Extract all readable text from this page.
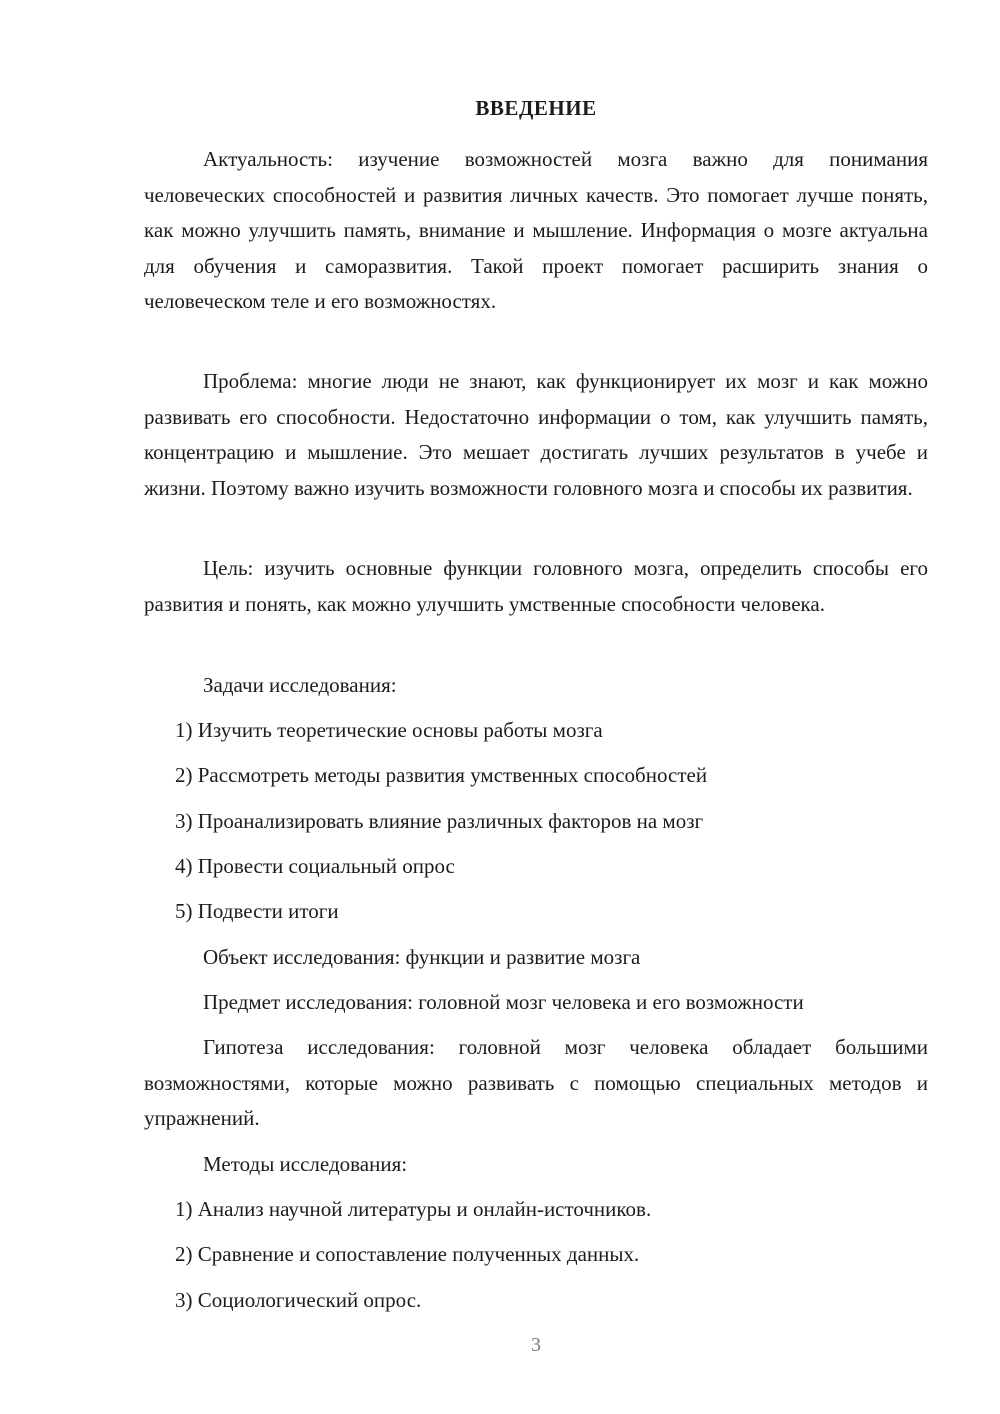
ВВЕДЕНИЕ

Актуальность: изучение возможностей мозга важно для понимания человеческих способностей и развития личных качеств. Это помогает лучше понять, как можно улучшить память, внимание и мышление. Информация о мозге актуальна для обучения и саморазвития. Такой проект помогает расширить знания о человеческом теле и его возможностях.

Проблема: многие люди не знают, как функционирует их мозг и как можно развивать его способности. Недостаточно информации о том, как улучшить память, концентрацию и мышление. Это мешает достигать лучших результатов в учебе и жизни. Поэтому важно изучить возможности головного мозга и способы их развития.

Цель: изучить основные функции головного мозга, определить способы его развития и понять, как можно улучшить умственные способности человека.

Задачи исследования:

1) Изучить теоретические основы работы мозга

2) Рассмотреть методы развития умственных способностей

3) Проанализировать влияние различных факторов на мозг

4) Провести социальный опрос

5) Подвести итоги

Объект исследования: функции и развитие мозга

Предмет исследования: головной мозг человека и его возможности

Гипотеза исследования: головной мозг человека обладает большими возможностями, которые можно развивать с помощью специальных методов и упражнений.

Методы исследования:

1) Анализ научной литературы и онлайн-источников.

2) Сравнение и сопоставление полученных данных.

3) Социологический опрос.

3
